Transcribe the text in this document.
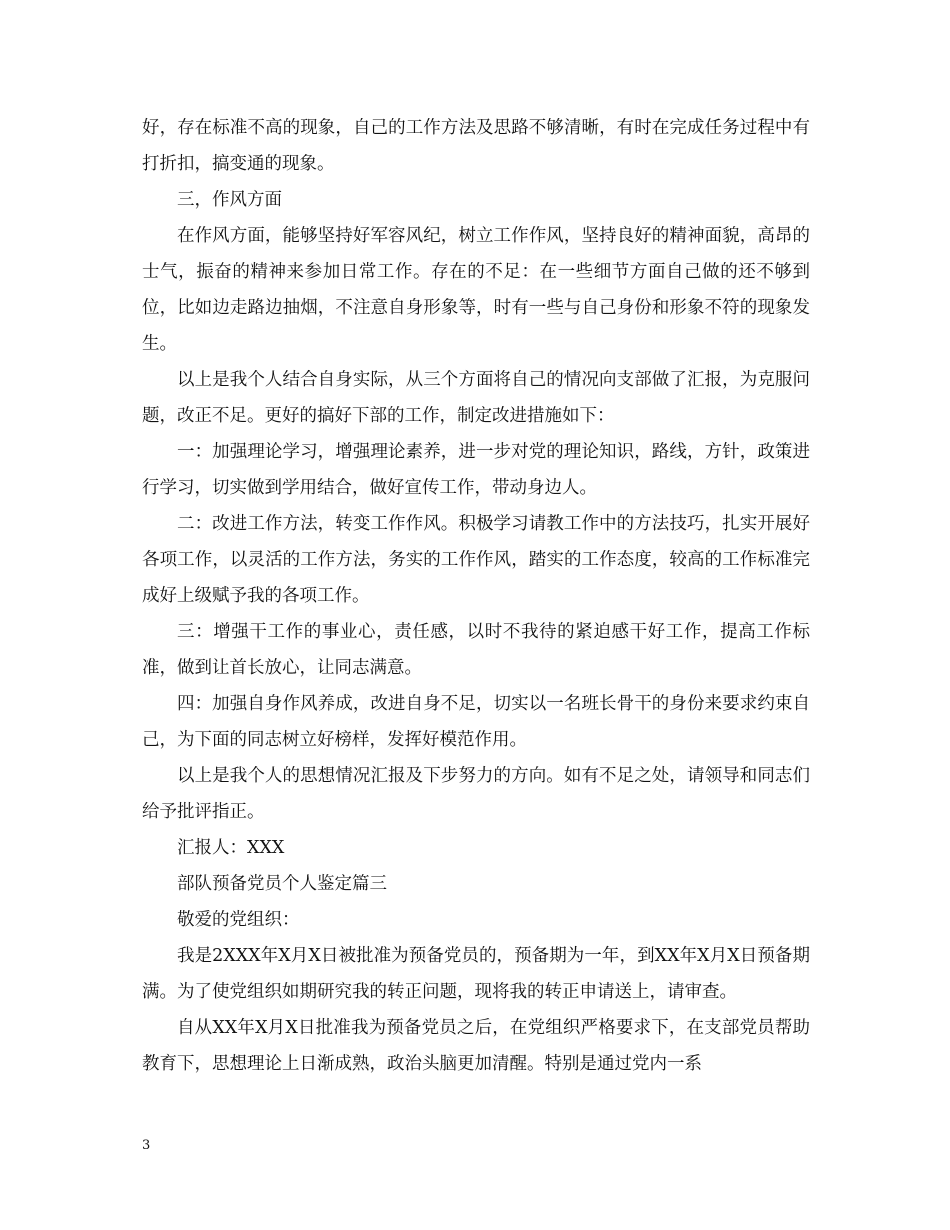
好，存在标准不高的现象，自己的工作方法及思路不够清晰，有时在完成任务过程中有打折扣，搞变通的现象。

三，作风方面

在作风方面，能够坚持好军容风纪，树立工作作风，坚持良好的精神面貌，高昂的士气，振奋的精神来参加日常工作。存在的不足：在一些细节方面自己做的还不够到位，比如边走路边抽烟，不注意自身形象等，时有一些与自己身份和形象不符的现象发生。

以上是我个人结合自身实际，从三个方面将自己的情况向支部做了汇报，为克服问题，改正不足。更好的搞好下部的工作，制定改进措施如下：

一：加强理论学习，增强理论素养，进一步对党的理论知识，路线，方针，政策进行学习，切实做到学用结合，做好宣传工作，带动身边人。

二：改进工作方法，转变工作作风。积极学习请教工作中的方法技巧，扎实开展好各项工作，以灵活的工作方法，务实的工作作风，踏实的工作态度，较高的工作标准完成好上级赋予我的各项工作。

三：增强干工作的事业心，责任感，以时不我待的紧迫感干好工作，提高工作标准，做到让首长放心，让同志满意。

四：加强自身作风养成，改进自身不足，切实以一名班长骨干的身份来要求约束自己，为下面的同志树立好榜样，发挥好模范作用。

以上是我个人的思想情况汇报及下步努力的方向。如有不足之处，请领导和同志们给予批评指正。

汇报人：XXX

部队预备党员个人鉴定篇三

敬爱的党组织：

我是2XXX年X月X日被批准为预备党员的，预备期为一年，到XX年X月X日预备期满。为了使党组织如期研究我的转正问题，现将我的转正申请送上，请审查。

自从XX年X月X日批准我为预备党员之后，在党组织严格要求下，在支部党员帮助教育下，思想理论上日渐成熟，政治头脑更加清醒。特别是通过党内一系

3
